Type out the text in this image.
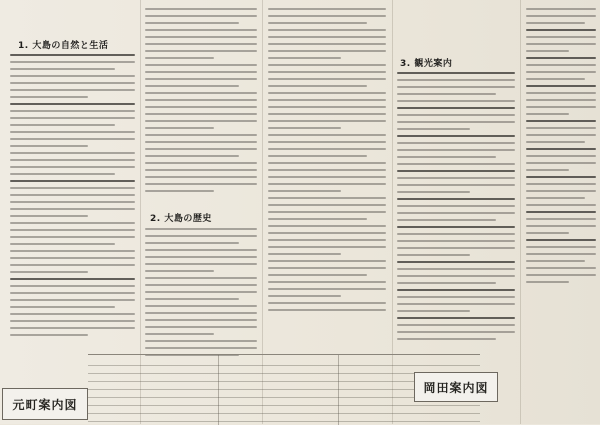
1. 大島の自然と生活
2. 大島の歴史
3. 観光案内
元町案内図
岡田案内図
